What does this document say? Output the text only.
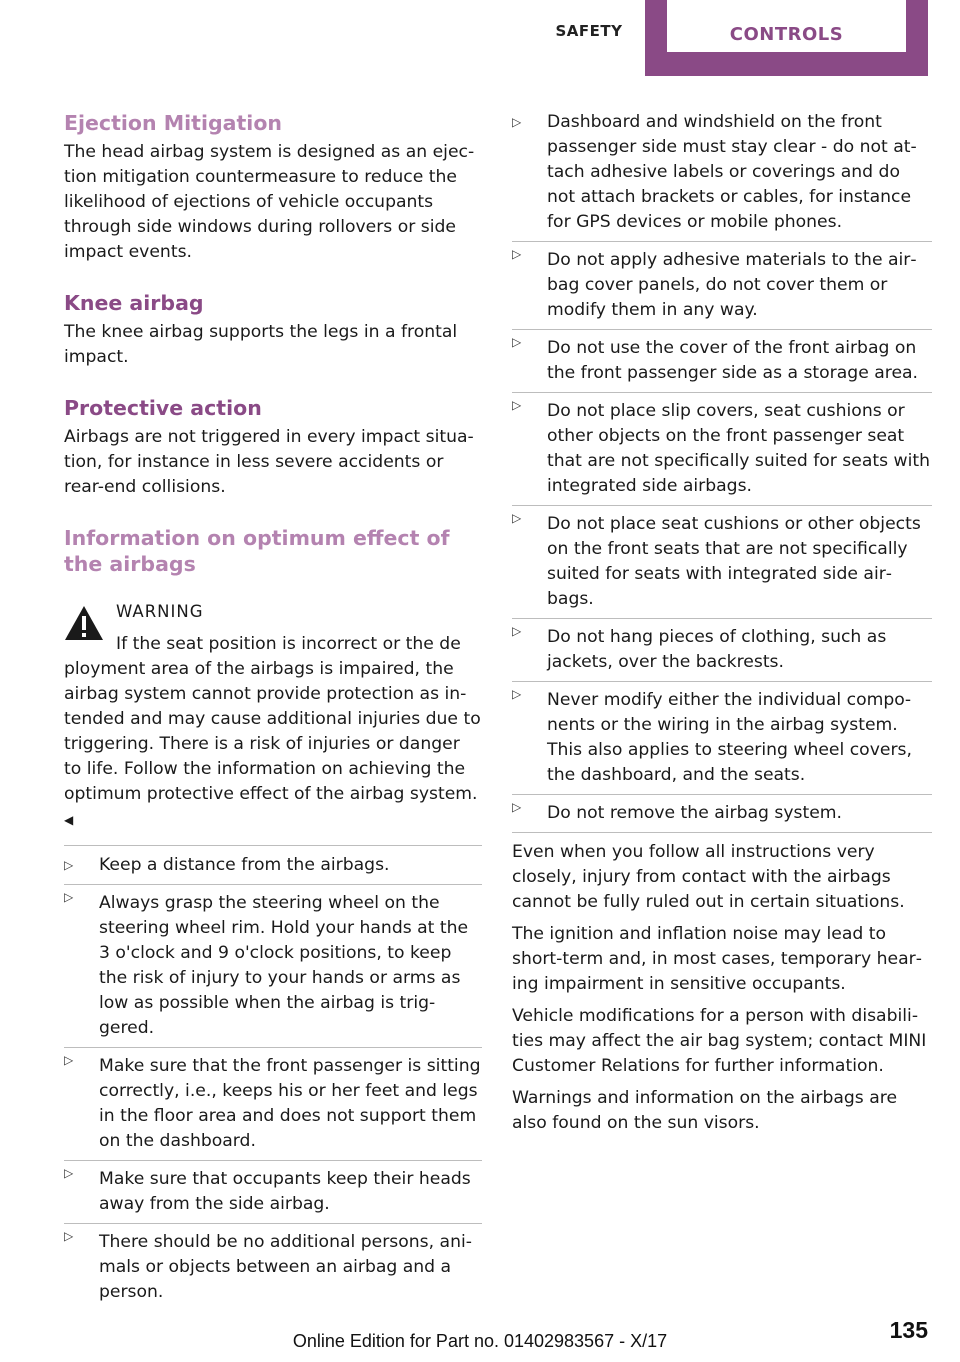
SAFETY	CONTROLS
Ejection Mitigation

The head airbag system is designed as an ejection mitigation countermeasure to reduce the likelihood of ejections of vehicle occupants through side windows during rollovers or side impact events.

Knee airbag

The knee airbag supports the legs in a frontal impact.

Protective action

Airbags are not triggered in every impact situation, for instance in less severe accidents or rear-end collisions.

Information on optimum effect of the airbags
WARNING
If the seat position is incorrect or the de
ployment area of the airbags is impaired, the airbag system cannot provide protection as intended and may cause additional injuries due to triggering. There is a risk of injuries or danger to life. Follow the information on achieving the optimum protective effect of the airbag system. ◀
▷ Keep a distance from the airbags.
▷ Always grasp the steering wheel on the steering wheel rim. Hold your hands at the 3 o'clock and 9 o'clock positions, to keep the risk of injury to your hands or arms as low as possible when the airbag is triggered.
▷ Make sure that the front passenger is sitting correctly, i.e., keeps his or her feet and legs in the floor area and does not support them on the dashboard.
▷ Make sure that occupants keep their heads away from the side airbag.
▷ There should be no additional persons, animals or objects between an airbag and a person.
▷ Dashboard and windshield on the front passenger side must stay clear - do not attach adhesive labels or coverings and do not attach brackets or cables, for instance for GPS devices or mobile phones.
▷ Do not apply adhesive materials to the airbag cover panels, do not cover them or modify them in any way.
▷ Do not use the cover of the front airbag on the front passenger side as a storage area.
▷ Do not place slip covers, seat cushions or other objects on the front passenger seat that are not specifically suited for seats with integrated side airbags.
▷ Do not place seat cushions or other objects on the front seats that are not specifically suited for seats with integrated side airbags.
▷ Do not hang pieces of clothing, such as jackets, over the backrests.
▷ Never modify either the individual components or the wiring in the airbag system. This also applies to steering wheel covers, the dashboard, and the seats.
▷ Do not remove the airbag system.

Even when you follow all instructions very closely, injury from contact with the airbags cannot be fully ruled out in certain situations.

The ignition and inflation noise may lead to short-term and, in most cases, temporary hearing impairment in sensitive occupants.

Vehicle modifications for a person with disabilities may affect the air bag system; contact MINI Customer Relations for further information.

Warnings and information on the airbags are also found on the sun visors.

135
Online Edition for Part no. 01402983567 - X/17
